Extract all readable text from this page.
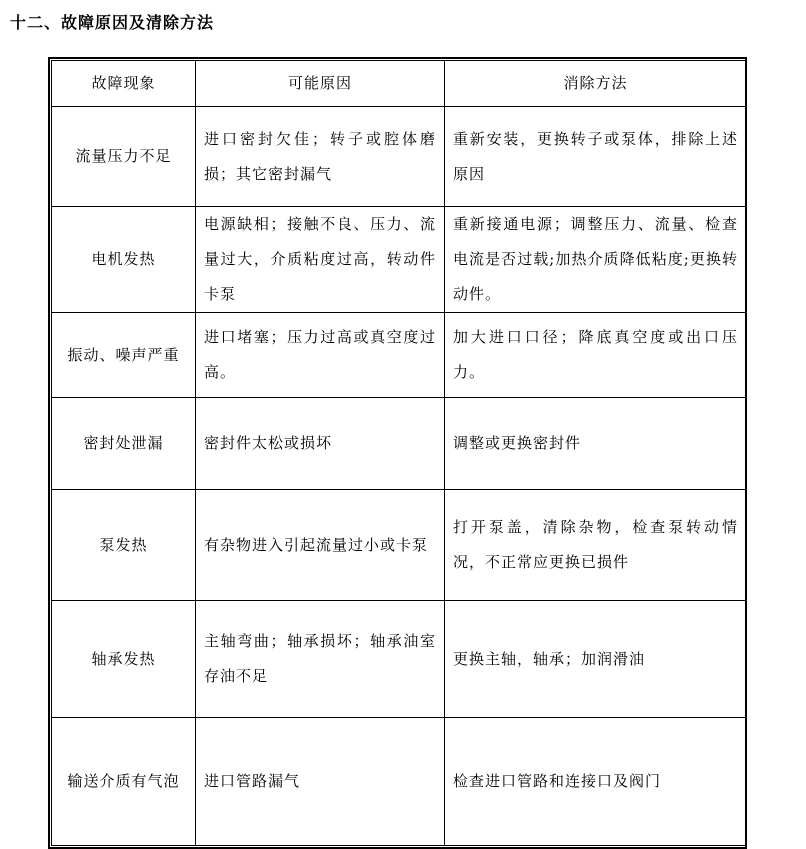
十二、故障原因及清除方法
故障现象	可能原因	消除方法
流量压力不足	进口密封欠佳；转子或腔体磨损；其它密封漏气	重新安装，更换转子或泵体，排除上述原因
电机发热	电源缺相；接触不良、压力、流量过大，介质粘度过高，转动件卡泵	重新接通电源；调整压力、流量、检查电流是否过载;加热介质降低粘度;更换转动件。
振动、噪声严重	进口堵塞；压力过高或真空度过高。	加大进口口径；降底真空度或出口压力。
密封处泄漏	密封件太松或损坏	调整或更换密封件
泵发热	有杂物进入引起流量过小或卡泵	打开泵盖，清除杂物，检查泵转动情况，不正常应更换已损件
轴承发热	主轴弯曲；轴承损坏；轴承油室存油不足	更换主轴，轴承；加润滑油
输送介质有气泡	进口管路漏气	检查进口管路和连接口及阀门
